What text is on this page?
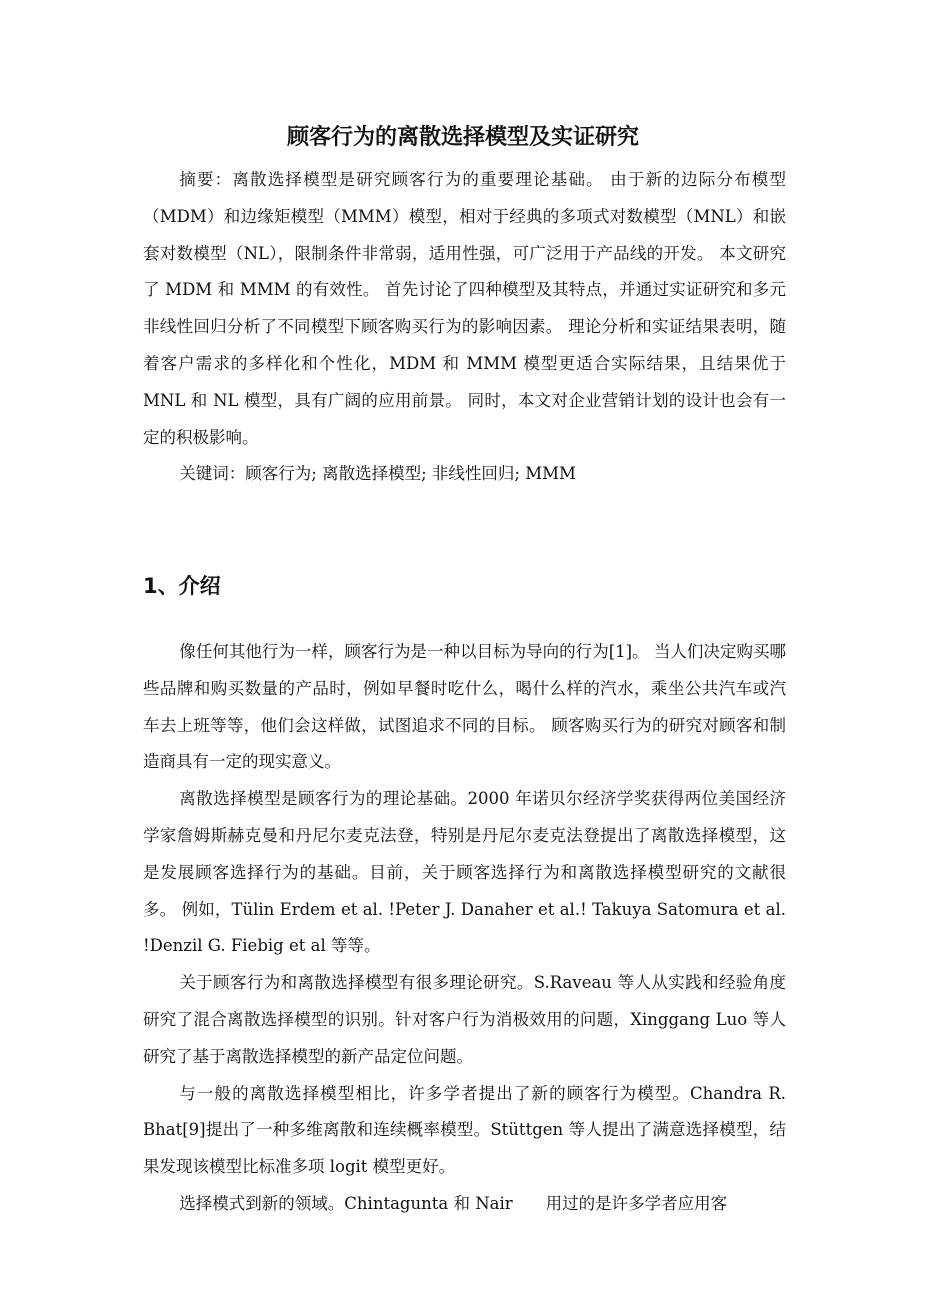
顾客行为的离散选择模型及实证研究

摘要：离散选择模型是研究顾客行为的重要理论基础。 由于新的边际分布模型（MDM）和边缘矩模型（MMM）模型，相对于经典的多项式对数模型（MNL）和嵌套对数模型（NL），限制条件非常弱，适用性强，可广泛用于产品线的开发。 本文研究了 MDM 和 MMM 的有效性。 首先讨论了四种模型及其特点，并通过实证研究和多元非线性回归分析了不同模型下顾客购买行为的影响因素。 理论分析和实证结果表明，随着客户需求的多样化和个性化，MDM 和 MMM 模型更适合实际结果，且结果优于 MNL 和 NL 模型，具有广阔的应用前景。 同时，本文对企业营销计划的设计也会有一定的积极影响。

关键词：顾客行为; 离散选择模型; 非线性回归; MMM

1、介绍

像任何其他行为一样，顾客行为是一种以目标为导向的行为[1]。 当人们决定购买哪些品牌和购买数量的产品时，例如早餐时吃什么，喝什么样的汽水，乘坐公共汽车或汽车去上班等等，他们会这样做，试图追求不同的目标。 顾客购买行为的研究对顾客和制造商具有一定的现实意义。

离散选择模型是顾客行为的理论基础。2000 年诺贝尔经济学奖获得两位美国经济学家詹姆斯赫克曼和丹尼尔麦克法登，特别是丹尼尔麦克法登提出了离散选择模型，这是发展顾客选择行为的基础。目前，关于顾客选择行为和离散选择模型研究的文献很多。 例如，Tülin Erdem et al. !Peter J. Danaher et al.! Takuya Satomura et al. !Denzil G. Fiebig et al 等等。

关于顾客行为和离散选择模型有很多理论研究。S.Raveau 等人从实践和经验角度研究了混合离散选择模型的识别。针对客户行为消极效用的问题，Xinggang Luo 等人研究了基于离散选择模型的新产品定位问题。

与一般的离散选择模型相比，许多学者提出了新的顾客行为模型。Chandra R. Bhat[9]提出了一种多维离散和连续概率模型。Stüttgen 等人提出了满意选择模型，结果发现该模型比标准多项 logit 模型更好。

选择模式到新的领域。Chintagunta 和 Nair　　用过的是许多学者应用客
